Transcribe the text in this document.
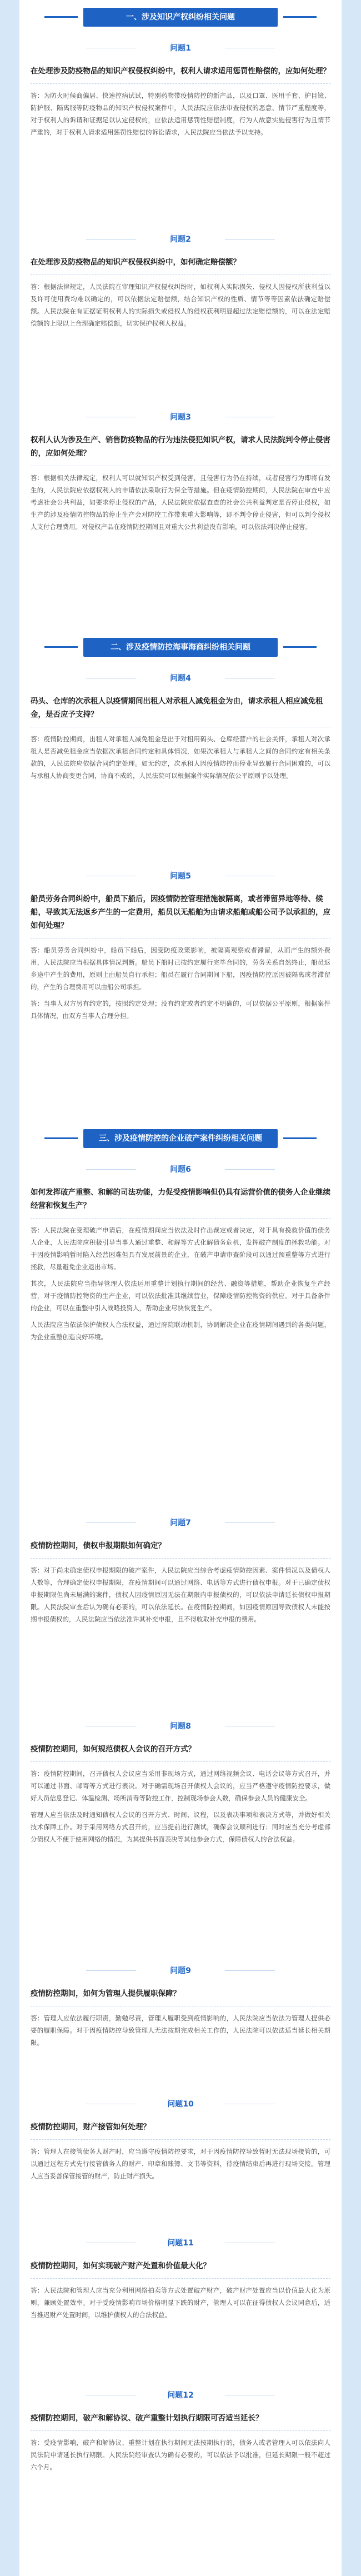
一、涉及知识产权纠纷相关问题
问题1
在处理涉及防疫物品的知识产权侵权纠纷中，权利人请求适用惩罚性赔偿的，应如何处理？

答：为防火时候商偏居、快速控病试试，特别药物带疫情防控的新产品，以及口罩、医用手套、护目镜、防护服、隔离服等防疫物品的知识产权侵权案件中，人民法院应依法审查侵权的恶意、情节严重程度等，对于权利人的诉请和证据足以认定侵权的，应依法适用惩罚性赔偿制度，行为人故意实施侵害行为且情节严重的，对于权利人请求适用惩罚性赔偿的诉讼请求，人民法院应当依法予以支持。

问题2
在处理涉及防疫物品的知识产权侵权纠纷中，如何确定赔偿额？

答：根据法律规定，人民法院在审理知识产权侵权纠纷时，如权利人实际损失、侵权人因侵权所获利益以及许可使用费均难以确定的，可以依据法定赔偿额，结合知识产权的性质、情节等等因素依法确定赔偿额。人民法院在有证据证明权利人的实际损失或侵权人的侵权获利明显超过法定赔偿额的，可以在法定赔偿额的上限以上合理确定赔偿额，切实保护权利人权益。

问题3
权利人认为涉及生产、销售防疫物品的行为违法侵犯知识产权，请求人民法院判令停止侵害的，应如何处理？

答：根据相关法律规定，权利人可以就知识产权受到侵害，且侵害行为仍在持续，或者侵害行为即将有发生的，人民法院应依据权利人的申请依法采取行为保全等措施。但在疫情防控期间，人民法院在审查中应考虑社会公共利益，如要求停止侵权的产品，人民法院应依据查查的社会公共利益判定是否停止侵权，如生产的涉及疫情防控物品的停止生产会对防控工作带来重大影响等，即不判令停止侵害，但可以判令侵权人支付合理费用。对侵权产品在疫情防控期间且对重大公共利益没有影响，可以依法判决停止侵害。

二、涉及疫情防控海事海商纠纷相关问题
问题4
码头、仓库的次承租人以疫情期间出租人对承租人减免租金为由，请求承租人相应减免租金，是否应予支持？

答：疫情防控期间，出租人对承租人减免租金是出于对租用码头、仓库经营户的社会关怀，承租人对次承租人是否减免租金应当依据次承租合同约定和具体情况，如果次承租人与承租人之间的合同约定有相关条款的，人民法院应依据合同约定处理。如无约定，次承租人因疫情防控而停业导致履行合同困难的，可以与承租人协商变更合同，协商不成的，人民法院可以根据案件实际情况依公平原则予以处理。

问题5
船员劳务合同纠纷中，船员下船后，因疫情防控管理措施被隔离，或者滞留异地等待、候船，导致其无法返乡产生的一定费用，船员以无船舶为由请求船舶或船公司予以承担的，应如何处理？

答：船员劳务合同纠纷中，船员下船后，因受防疫政策影响，被隔离观察或者滞留，从而产生的额外费用，人民法院应当根据具体情况判断。船员下船时已按约定履行完毕合同的，劳务关系自然终止，船员返乡途中产生的费用，原则上由船员自行承担；船员在履行合同期间下船，因疫情防控原因被隔离或者滞留的，产生的合理费用可以由船公司承担。

答：当事人双方另有约定的，按照约定处理；没有约定或者约定不明确的，可以依据公平原则，根据案件具体情况，由双方当事人合理分担。

三、涉及疫情防控的企业破产案件纠纷相关问题
问题6
如何发挥破产重整、和解的司法功能，力促受疫情影响但仍具有运营价值的债务人企业继续经营和恢复生产？

答：人民法院在受理破产申请后，在疫情期间应当依法及时作出裁定或者决定，对于具有挽救价值的债务人企业，人民法院应积极引导当事人通过重整、和解等方式化解债务危机，发挥破产制度的拯救功能。对于因疫情影响暂时陷入经营困难但具有发展前景的企业，在破产申请审查阶段可以通过预重整等方式进行拯救，尽量避免企业退出市场。

其次，人民法院应当指导管理人依法运用重整计划执行期间的经营、融资等措施，帮助企业恢复生产经营，对于疫情防控物资的生产企业，可以依法批准其继续营业，保障疫情防控物资的供应。对于具备条件的企业，可以在重整中引入战略投资人，帮助企业尽快恢复生产。

人民法院应当依法保护债权人合法权益，通过府院联动机制，协调解决企业在疫情期间遇到的各类问题，为企业重整创造良好环境。

问题7
疫情防控期间，债权申报期限如何确定？

答：对于尚未确定债权申报期限的破产案件，人民法院应当综合考虑疫情防控因素、案件情况以及债权人人数等，合理确定债权申报期限，在疫情期间可以通过网络、电话等方式进行债权申报。对于已确定债权申报期限但尚未届满的案件，债权人因疫情原因无法在期限内申报债权的，可以依法申请延长债权申报期限。人民法院审查后认为确有必要的，可以依法延长。在疫情防控期间，如因疫情原因导致债权人未能按期申报债权的，人民法院应当依法准许其补充申报，且不得收取补充申报的费用。

问题8
疫情防控期间，如何规范债权人会议的召开方式？

答：疫情防控期间，召开债权人会议应当采用非现场方式，通过网络视频会议、电话会议等方式召开，并可以通过书面、邮寄等方式进行表决。对于确需现场召开债权人会议的，应当严格遵守疫情防控要求，做好人员信息登记、体温检测、场所消毒等防控工作，控制现场参会人数，确保参会人员的健康安全。

管理人应当依法及时通知债权人会议的召开方式、时间、议程，以及表决事项和表决方式等，并做好相关技术保障工作。对于采用网络方式召开的，应当提前进行测试，确保会议顺利进行；同时应当充分考虑部分债权人不便于使用网络的情况，为其提供书面表决等其他参会方式，保障债权人的合法权益。

问题9
疫情防控期间，如何为管理人提供履职保障？

答：管理人应依法履行职责，勤勉尽责，管理人履职受到疫情影响的，人民法院应当依法为管理人提供必要的履职保障。对于因疫情防控导致管理人无法按期完成相关工作的，人民法院可以依法适当延长相关期限。

问题10
疫情防控期间，财产接管如何处理？

答：管理人在接管债务人财产时，应当遵守疫情防控要求，对于因疫情防控导致暂时无法现场接管的，可以通过远程方式先行接管债务人的财产、印章和账簿、文书等资料，待疫情结束后再进行现场交接。管理人应当妥善保管接管的财产，防止财产损失。

问题11
疫情防控期间，如何实现破产财产处置和价值最大化？

答：人民法院和管理人应当充分利用网络拍卖等方式处置破产财产，破产财产处置应当以价值最大化为原则，兼顾处置效率。对于受疫情影响市场价格明显下跌的财产，管理人可以在征得债权人会议同意后，适当推迟财产处置时间，以维护债权人的合法权益。

问题12
疫情防控期间，破产和解协议、破产重整计划执行期限可否适当延长？

答：受疫情影响，破产和解协议、重整计划在执行期间无法按期执行的，债务人或者管理人可以依法向人民法院申请延长执行期限。人民法院经审查认为确有必要的，可以依法予以批准，但延长期限一般不超过六个月。
